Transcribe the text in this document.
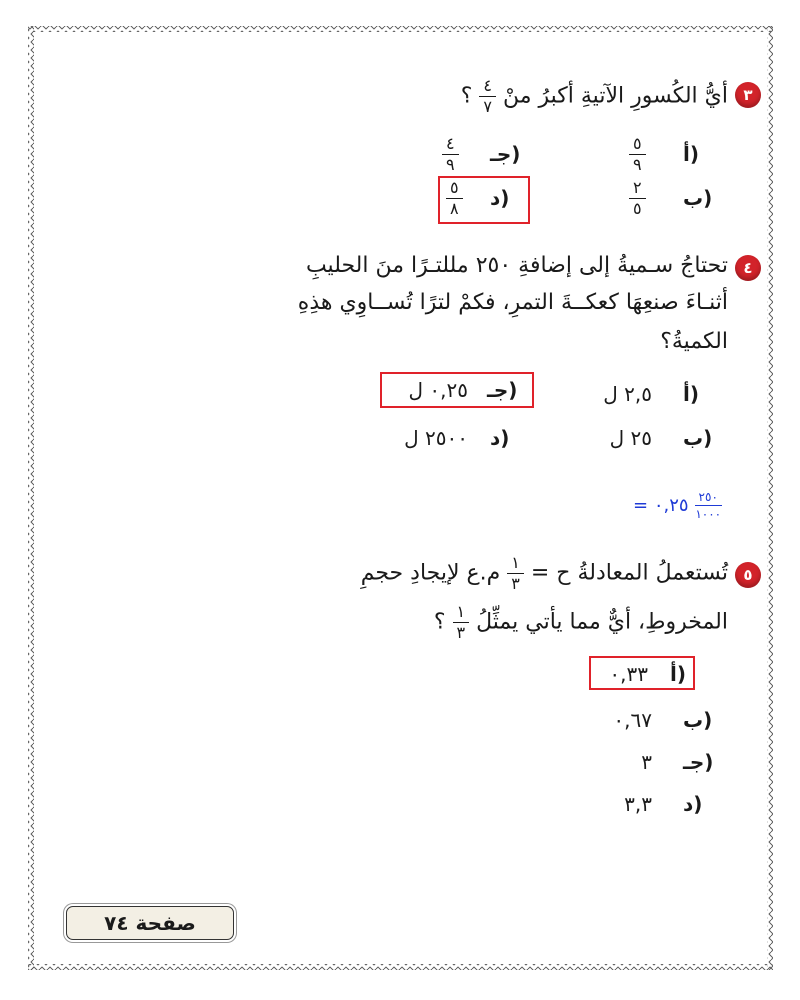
٣
أيُّ الكُسورِ الآتيةِ أكبرُ منْ
$\frac{٤}{٧}$
؟
أ)
٥
٩
جـ)
٤
٩
ب)
٢
٥
د)
٥
٨
٤
تحتاجُ سـميةُ إلى إضافةِ ٢٥٠ مللتـرًا منَ الحليبِ
أثنـاءَ صنعِهَا كعكــةَ التمرِ، فكمْ لترًا تُســاوِي هذِهِ
الكميةُ؟
أ)
٢,٥ ل
جـ)
٠,٢٥ ل
ب)
٢٥ ل
د)
٢٥٠٠ ل
= ٠,٢٥ $\frac{٢٥٠}{١٠٠٠}$
٥
تُستعملُ المعادلةُ ح =
$\frac{١}{٣}$
م.ع لإيجادِ حجمِ
المخروطِ، أيٌّ مما يأتي يمثِّلُ
$\frac{١}{٣}$
؟
أ)
٠,٣٣
ب)
٠,٦٧
جـ)
٣
د)
٣,٣
صفحة ٧٤
